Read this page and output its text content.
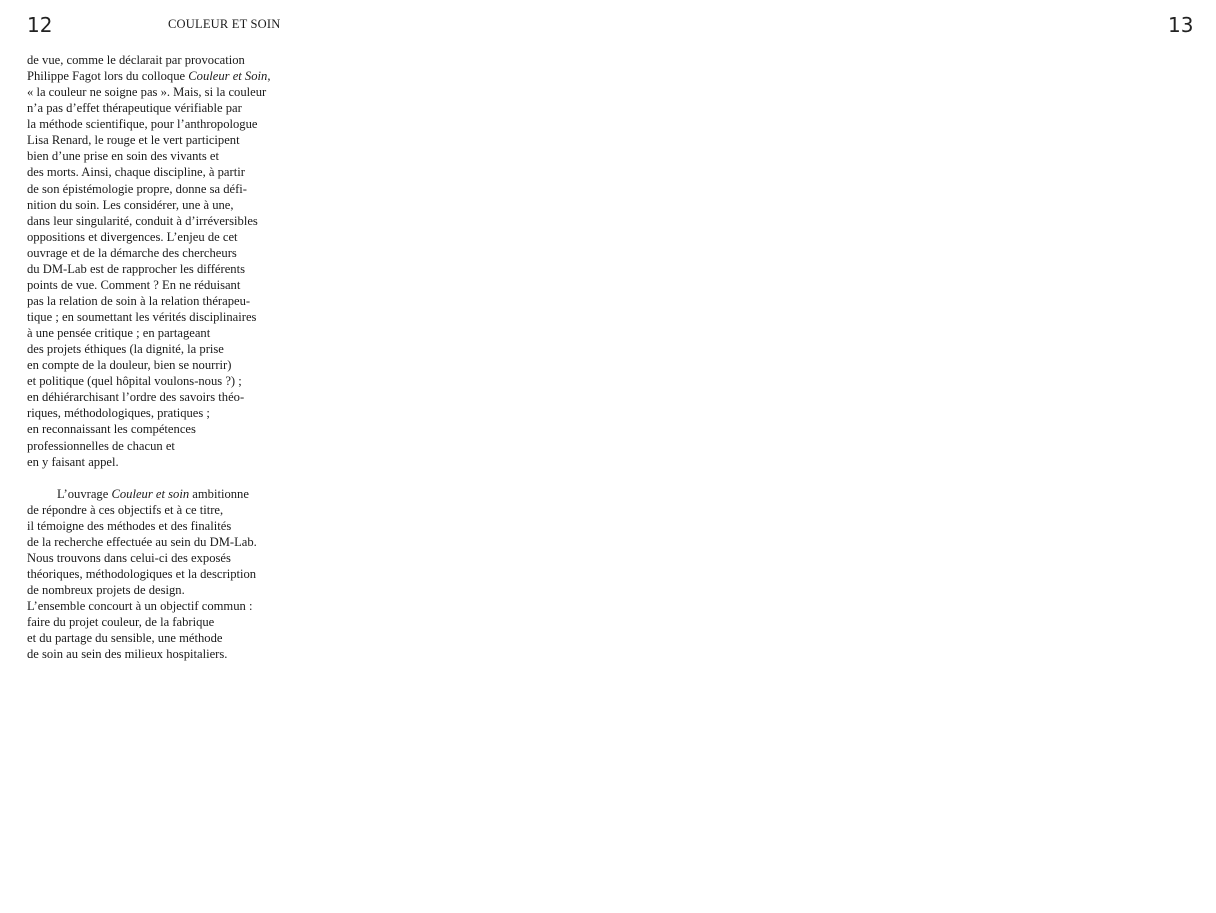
12	COULEUR ET SOIN	13

de vue, comme le déclarait par provocation
Philippe Fagot lors du colloque Couleur et Soin,
« la couleur ne soigne pas ». Mais, si la couleur
n’a pas d’effet thérapeutique vérifiable par
la méthode scientifique, pour l’anthropologue
Lisa Renard, le rouge et le vert participent
bien d’une prise en soin des vivants et
des morts. Ainsi, chaque discipline, à partir
de son épistémologie propre, donne sa défi-
nition du soin. Les considérer, une à une,
dans leur singularité, conduit à d’irréversibles
oppositions et divergences. L’enjeu de cet
ouvrage et de la démarche des chercheurs
du DM-Lab est de rapprocher les différents
points de vue. Comment ? En ne réduisant
pas la relation de soin à la relation thérapeu-
tique ; en soumettant les vérités disciplinaires
à une pensée critique ; en partageant
des projets éthiques (la dignité, la prise
en compte de la douleur, bien se nourrir)
et politique (quel hôpital voulons-nous ?) ;
en déhiérarchisant l’ordre des savoirs théo-
riques, méthodologiques, pratiques ;
en reconnaissant les compétences
professionnelles de chacun et
en y faisant appel.

L’ouvrage Couleur et soin ambitionne
de répondre à ces objectifs et à ce titre,
il témoigne des méthodes et des finalités
de la recherche effectuée au sein du DM-Lab.
Nous trouvons dans celui-ci des exposés
théoriques, méthodologiques et la description
de nombreux projets de design.
L’ensemble concourt à un objectif commun :
faire du projet couleur, de la fabrique
et du partage du sensible, une méthode
de soin au sein des milieux hospitaliers.
